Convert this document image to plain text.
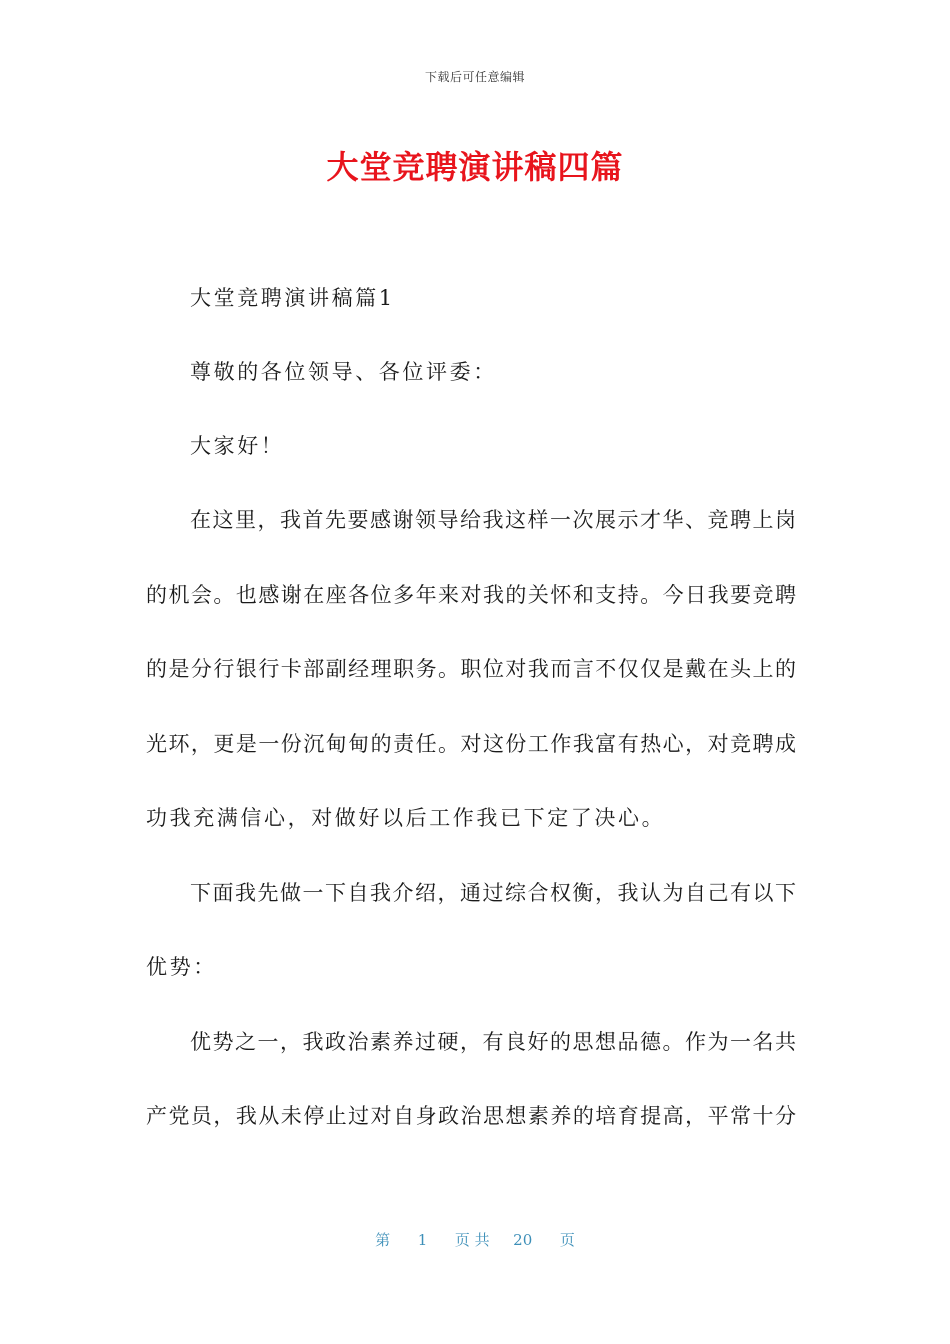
下载后可任意编辑
大堂竞聘演讲稿四篇
大堂竞聘演讲稿篇1
尊敬的各位领导、各位评委：
大家好！
在这里，我首先要感谢领导给我这样一次展示才华、竞聘上岗
的机会。也感谢在座各位多年来对我的关怀和支持。今日我要竞聘
的是分行银行卡部副经理职务。职位对我而言不仅仅是戴在头上的
光环，更是一份沉甸甸的责任。对这份工作我富有热心，对竞聘成
功我充满信心，对做好以后工作我已下定了决心。
下面我先做一下自我介绍，通过综合权衡，我认为自己有以下
优势：
优势之一，我政治素养过硬，有良好的思想品德。作为一名共
产党员，我从未停止过对自身政治思想素养的培育提高，平常十分
第 1 页 共 20 页
